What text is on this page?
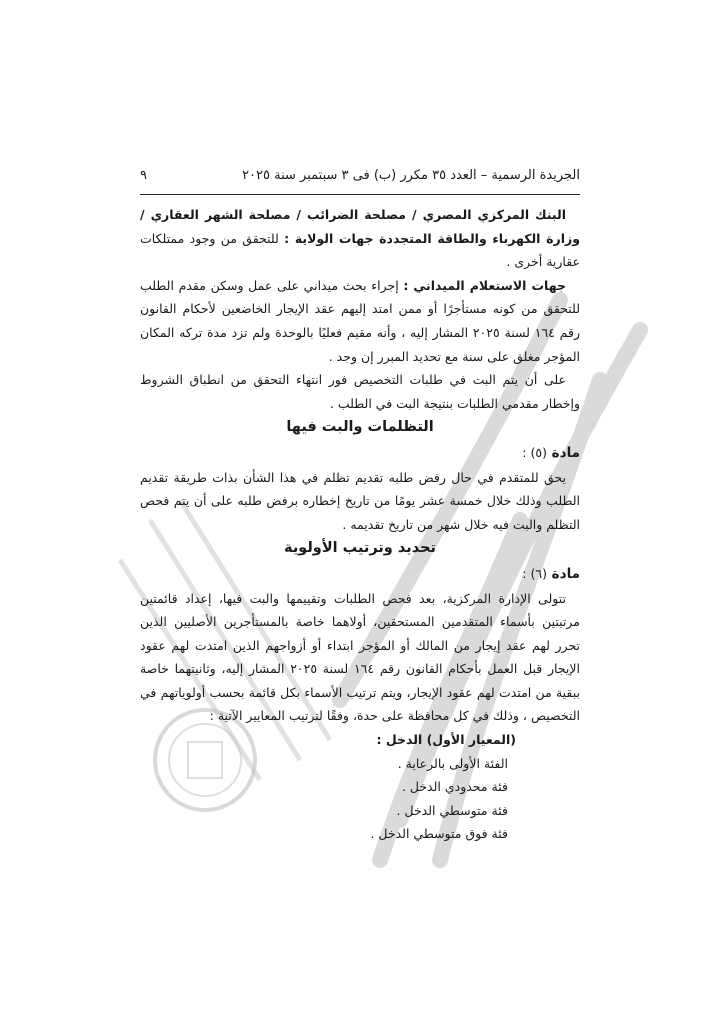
الجريدة الرسمية – العدد ٣٥ مكرر (ب) فى ٣ سبتمبر سنة ٢٠٢٥
٩

البنك المركزي المصري / مصلحة الضرائب / مصلحة الشهر العقاري / وزارة الكهرباء والطاقة المتجددة جهات الولاية : للتحقق من وجود ممتلكات عقارية أخرى .

جهات الاستعلام الميداني : إجراء بحث ميداني على عمل وسكن مقدم الطلب للتحقق من كونه مستأجرًا أو ممن امتد إليهم عقد الإيجار الخاضعين لأحكام القانون رقم ١٦٤ لسنة ٢٠٢٥ المشار إليه ، وأنه مقيم فعليًا بالوحدة ولم تزد مدة تركه المكان المؤجر مغلق على سنة مع تحديد المبرر إن وجد .

على أن يتم البت في طلبات التخصيص فور انتهاء التحقق من انطباق الشروط وإخطار مقدمي الطلبات بنتيجة البت في الطلب .

التظلمات والبت فيها

مادة (٥) :

يحق للمتقدم في حال رفض طلبه تقديم تظلم في هذا الشأن بذات طريقة تقديم الطلب وذلك خلال خمسة عشر يومًا من تاريخ إخطاره برفض طلبه على أن يتم فحص التظلم والبت فيه خلال شهر من تاريخ تقديمه .

تحديد وترتيب الأولوية

مادة (٦) :

تتولى الإدارة المركزية، بعد فحص الطلبات وتقييمها والبت فيها، إعداد قائمتين مرتبتين بأسماء المتقدمين المستحقين، أولاهما خاصة بالمستأجرين الأصليين الذين تحرر لهم عقد إيجار من المالك أو المؤجر ابتداء أو أزواجهم الذين امتدت لهم عقود الإيجار قبل العمل بأحكام القانون رقم ١٦٤ لسنة ٢٠٢٥ المشار إليه، وثانيتهما خاصة ببقية من امتدت لهم عقود الإيجار، ويتم ترتيب الأسماء بكل قائمة بحسب أولوياتهم في التخصيص ، وذلك في كل محافظة على حدة، وفقًا لترتيب المعايير الآتية :

(المعيار الأول) الدخل :

الفئة الأولى بالرعاية .

فئة محدودي الدخل .

فئة متوسطي الدخل .

فئة فوق متوسطي الدخل .
